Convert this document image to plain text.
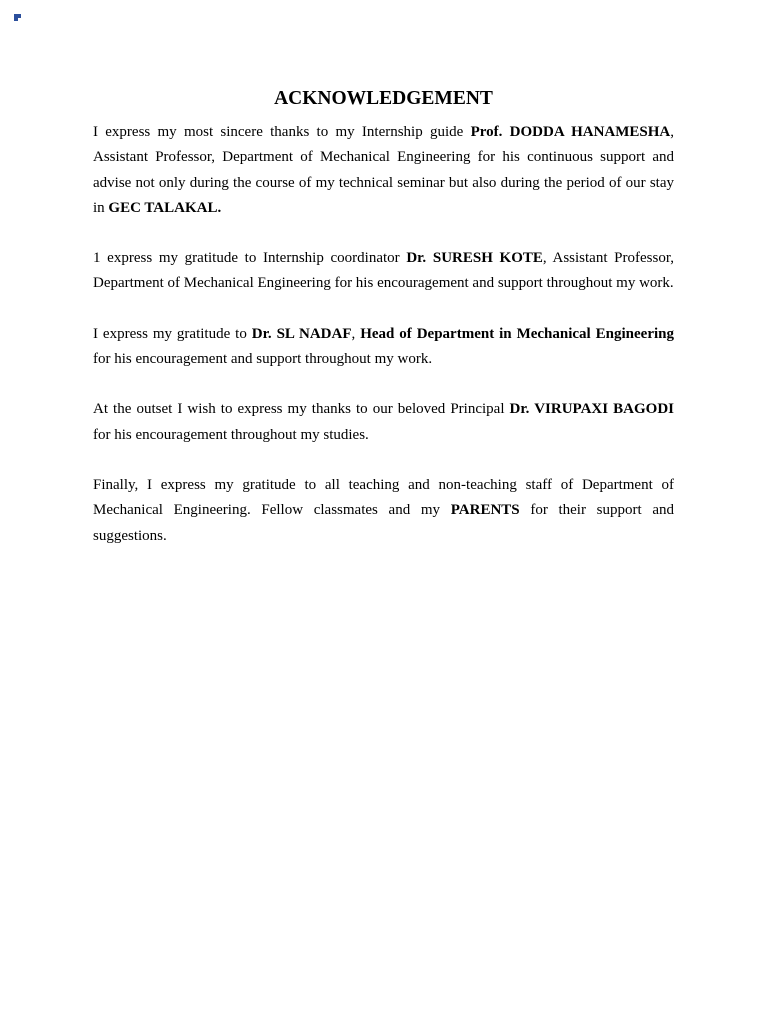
ACKNOWLEDGEMENT

I express my most sincere thanks to my Internship guide Prof. DODDA HANAMESHA, Assistant Professor, Department of Mechanical Engineering for his continuous support and advise not only during the course of my technical seminar but also during the period of our stay in GEC TALAKAL.

1 express my gratitude to Internship coordinator Dr. SURESH KOTE, Assistant Professor, Department of Mechanical Engineering for his encouragement and support throughout my work.

I express my gratitude to Dr. SL NADAF, Head of Department in Mechanical Engineering for his encouragement and support throughout my work.

At the outset I wish to express my thanks to our beloved Principal Dr. VIRUPAXI BAGODI for his encouragement throughout my studies.

Finally, I express my gratitude to all teaching and non-teaching staff of Department of Mechanical Engineering. Fellow classmates and my PARENTS for their support and suggestions.
